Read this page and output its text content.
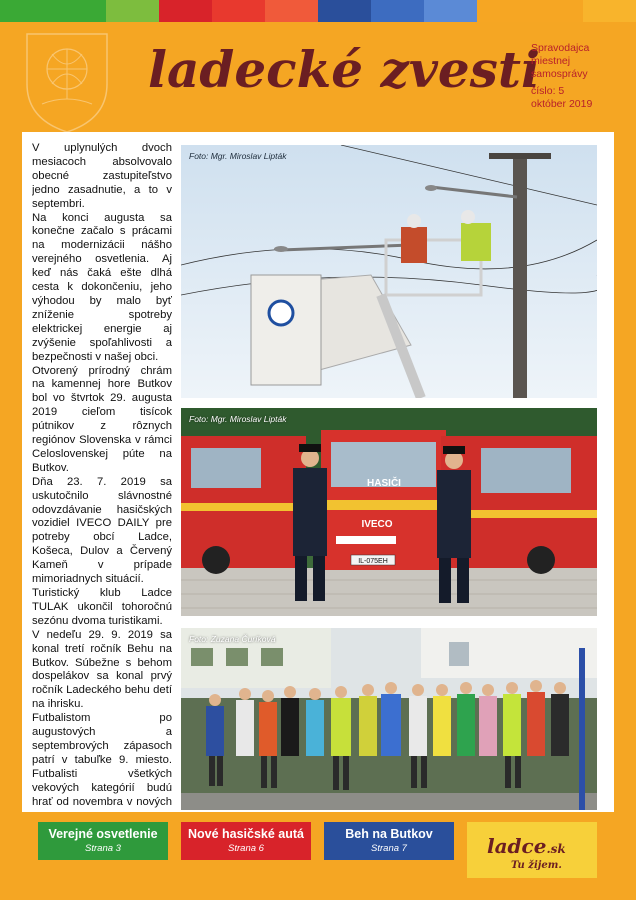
ladecké zvesti
Spravodajca
miestnej
samosprávy
číslo: 5
október 2019

V uplynulých dvoch mesiacoch absolvovalo obecné zastupiteľstvo jedno zasadnutie, a to v septembri.

Na konci augusta sa konečne začalo s prácami na modernizácii nášho verejného osvetlenia. Aj keď nás čaká ešte dlhá cesta k dokončeniu, jeho výhodou by malo byť zníženie spotreby elektrickej energie aj zvýšenie spoľahlivosti a bezpečnosti v našej obci.

Otvorený prírodný chrám na kamennej hore Butkov bol vo štvrtok 29. augusta 2019 cieľom tisícok pútnikov z rôznych regiónov Slovenska v rámci Celoslovenskej púte na Butkov.

Dňa 23. 7. 2019 sa uskutočnilo slávnostné odovzdávanie hasičských vozidiel IVECO DAILY pre potreby obcí Ladce, Košeca, Dulov a Červený Kameň v prípade mimoriadnych situácií.

Turistický klub Ladce TULAK ukončil tohoročnú sezónu dvoma turistikami.

V nedeľu 29. 9. 2019 sa konal tretí ročník Behu na Butkov. Súbežne s behom dospelákov sa konal prvý ročník Ladeckého behu detí na ihrisku.

Futbalistom po augustových a septembrových zápasoch patrí v tabuľke 9. miesto. Futbalisti všetkých vekových kategórií budú hrať od novembra v nových

Foto: Mgr. Miroslav Lipták
HASIČI
IVECO
IL-075EH
Foto: Mgr. Miroslav Lipták
Foto: Zuzana Čuríková
Verejné osvetlenie
Strana 3
Nové hasičské autá
Strana 6
Beh na Butkov
Strana 7	ladce.sk
Tu žijem.
